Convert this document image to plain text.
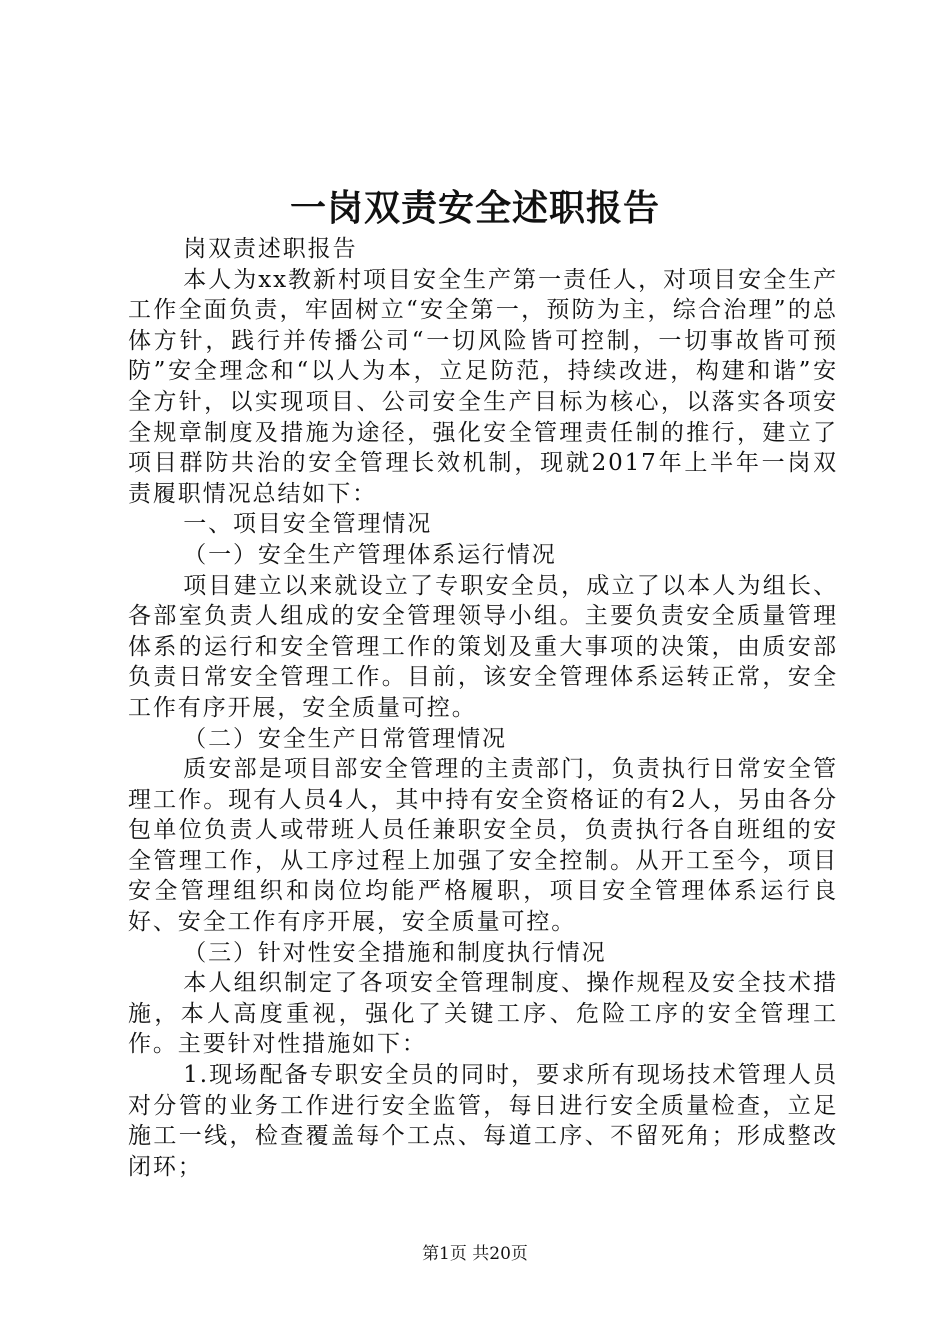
一岗双责安全述职报告

岗双责述职报告

本人为xx教新村项目安全生产第一责任人，对项目安全生产工作全面负责，牢固树立“安全第一，预防为主，综合治理”的总体方针，践行并传播公司“一切风险皆可控制，一切事故皆可预防”安全理念和“以人为本，立足防范，持续改进，构建和谐”安全方针，以实现项目、公司安全生产目标为核心，以落实各项安全规章制度及措施为途径，强化安全管理责任制的推行，建立了项目群防共治的安全管理长效机制，现就2017年上半年一岗双责履职情况总结如下：

一、项目安全管理情况

（一）安全生产管理体系运行情况

项目建立以来就设立了专职安全员，成立了以本人为组长、各部室负责人组成的安全管理领导小组。主要负责安全质量管理体系的运行和安全管理工作的策划及重大事项的决策，由质安部负责日常安全管理工作。目前，该安全管理体系运转正常，安全工作有序开展，安全质量可控。

（二）安全生产日常管理情况

质安部是项目部安全管理的主责部门，负责执行日常安全管理工作。现有人员4人，其中持有安全资格证的有2人，另由各分包单位负责人或带班人员任兼职安全员，负责执行各自班组的安全管理工作，从工序过程上加强了安全控制。从开工至今，项目安全管理组织和岗位均能严格履职，项目安全管理体系运行良好、安全工作有序开展，安全质量可控。

（三）针对性安全措施和制度执行情况

本人组织制定了各项安全管理制度、操作规程及安全技术措施，本人高度重视，强化了关键工序、危险工序的安全管理工作。主要针对性措施如下：

1.现场配备专职安全员的同时，要求所有现场技术管理人员对分管的业务工作进行安全监管，每日进行安全质量检查，立足施工一线，检查覆盖每个工点、每道工序、不留死角；形成整改闭环；

第1页 共20页
